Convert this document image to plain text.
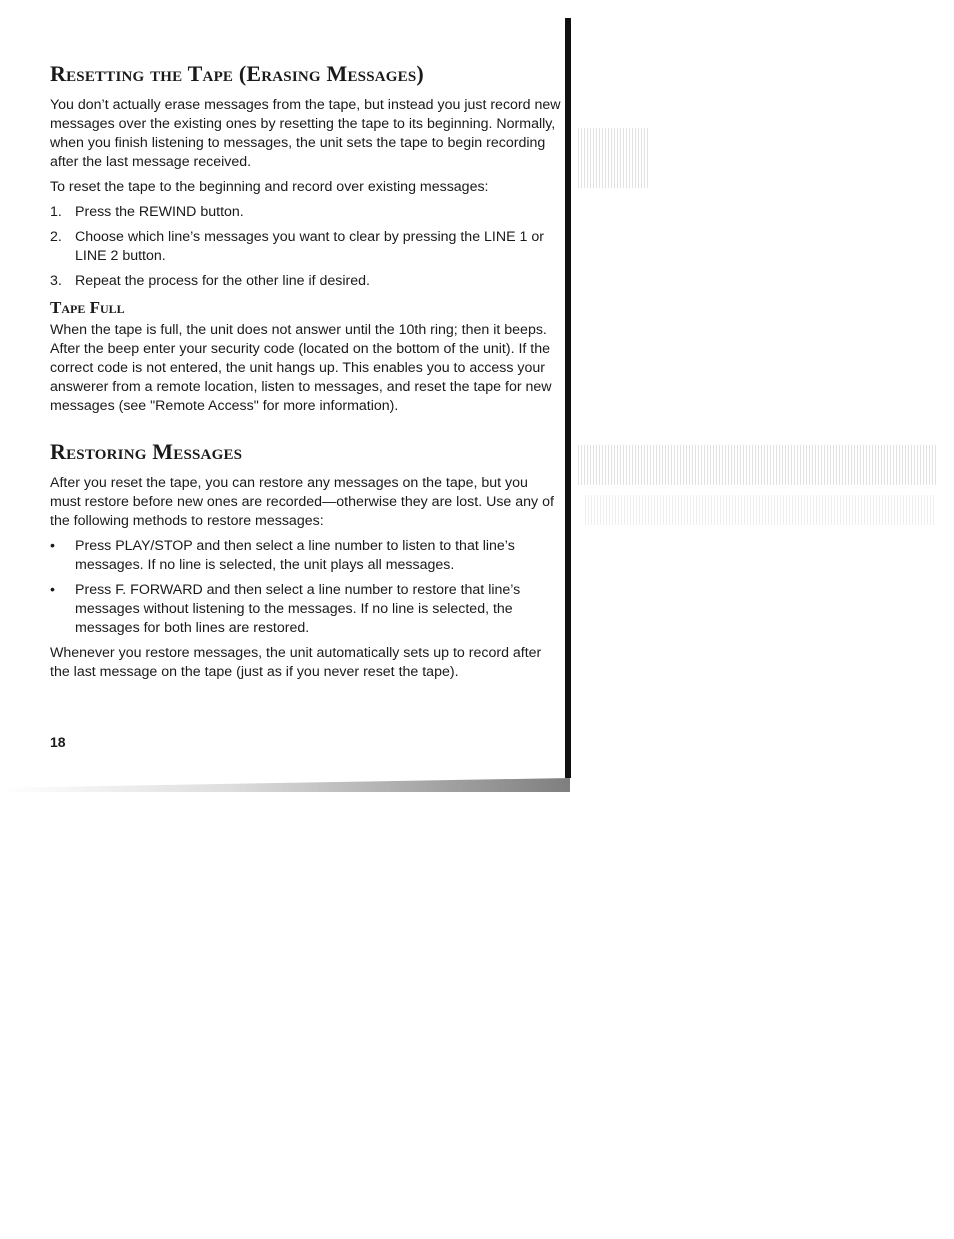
Resetting the Tape (Erasing Messages)

You don’t actually erase messages from the tape, but instead you just record new messages over the existing ones by resetting the tape to its beginning. Normally, when you finish listening to messages, the unit sets the tape to begin recording after the last message received.

To reset the tape to the beginning and record over existing messages:

1. Press the REWIND button.
2. Choose which line’s messages you want to clear by pressing the LINE 1 or LINE 2 button.
3. Repeat the process for the other line if desired.
Tape Full

When the tape is full, the unit does not answer until the 10th ring; then it beeps. After the beep enter your security code (located on the bottom of the unit). If the correct code is not entered, the unit hangs up. This enables you to access your answerer from a remote location, listen to messages, and reset the tape for new messages (see "Remote Access" for more information).

Restoring Messages

After you reset the tape, you can restore any messages on the tape, but you must restore before new ones are recorded—otherwise they are lost. Use any of the following methods to restore messages:

• Press PLAY/STOP and then select a line number to listen to that line’s messages. If no line is selected, the unit plays all messages.
• Press F. FORWARD and then select a line number to restore that line’s messages without listening to the messages. If no line is selected, the messages for both lines are restored.

Whenever you restore messages, the unit automatically sets up to record after the last message on the tape (just as if you never reset the tape).

18
